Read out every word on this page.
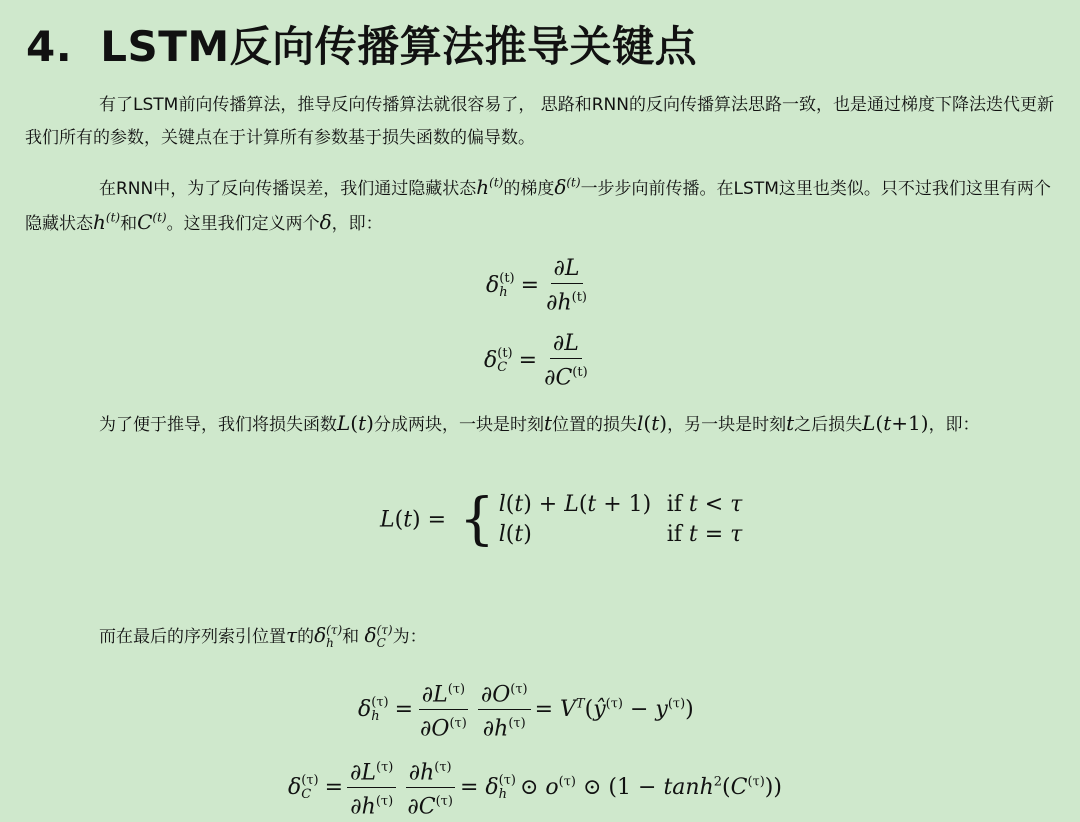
4. LSTM反向传播算法推导关键点

有了LSTM前向传播算法，推导反向传播算法就很容易了， 思路和RNN的反向传播算法思路一致，也是通过梯度下降法迭代更新我们所有的参数，关键点在于计算所有参数基于损失函数的偏导数。

在RNN中，为了反向传播误差，我们通过隐藏状态$h^{(t)}$的梯度$\delta^{(t)}$一步步向前传播。在LSTM这里也类似。只不过我们这里有两个隐藏状态$h^{(t)}$和$C^{(t)}$。这里我们定义两个δ，即：

δ (t)
$h = \frac{\partial L}{\partial h^{(t)}}$
δ (t)
$C = \frac{\partial L}{\partial C^{(t)}}$

为了便于推导，我们将损失函数L(t)分成两块，一块是时刻t位置的损失l(t)，另一块是时刻t之后损失L(t+1)，即：

L(t) = { l(t) + L(t + 1) if t < τ
l(t)	if t = τ

而在最后的序列索引位置τ的δ (τ)
h 和 δ (τ)
C 为：

δ (τ)
$h = \frac{\partial L^{(\tau)}}{\partial O^{(\tau)}} \frac{\partial O^{(\tau)}}{\partial h^{(\tau)}}$ = $V^T(ŷ^{(\tau)} - y^{(\tau)})$
δ (τ)
$C = \frac{\partial L^{(\tau)}}{\partial h^{(\tau)}} \frac{\partial h^{(\tau)}}{\partial C^{(\tau)}} = \delta$ (τ)
h ⊙ $o^{(\tau)}$ ⊙ $(1 - \tanh^2(C^{(\tau)}))$
